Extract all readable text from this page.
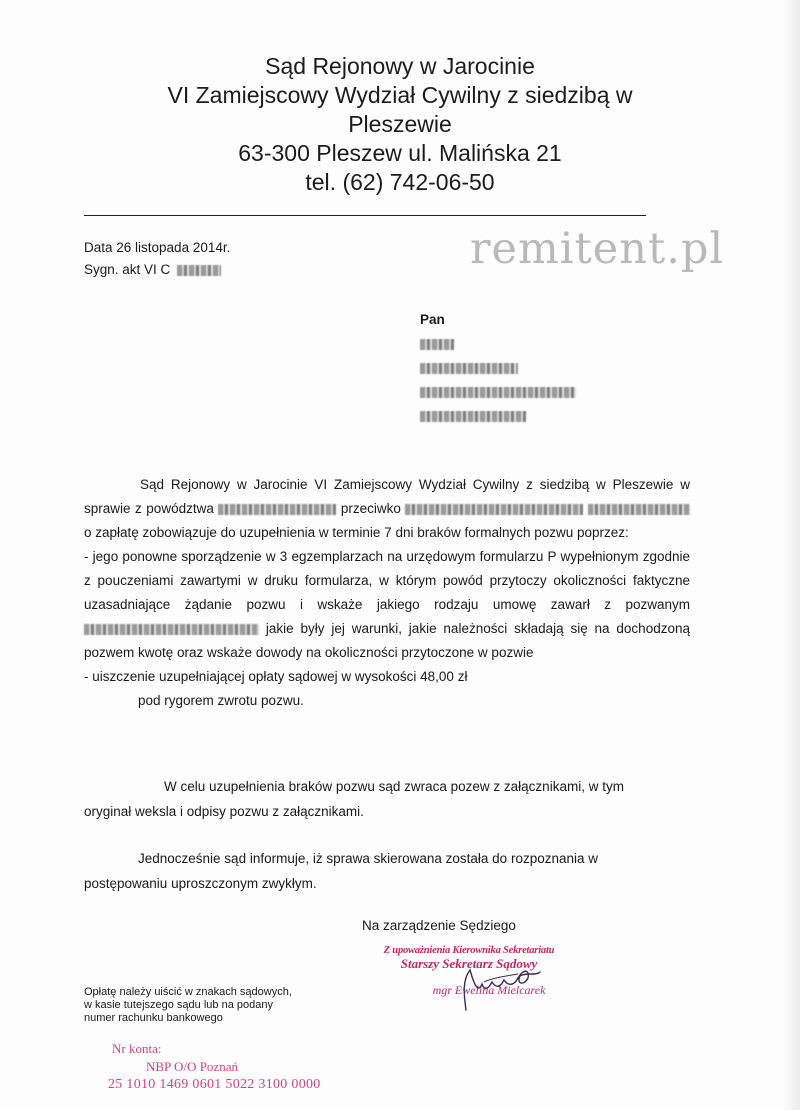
Sąd Rejonowy w Jarocinie
VI Zamiejscowy Wydział Cywilny z siedzibą w
Pleszewie
63-300 Pleszew ul. Malińska 21
tel. (62) 742-06-50
Data 26 listopada 2014r.
Sygn. akt VI C	remitent.pl
Pan
Sąd Rejonowy w Jarocinie VI Zamiejscowy Wydział Cywilny z siedzibą w Pleszewie w sprawie z powództwa	przeciwko   o zapłatę zobowiązuje do uzupełnienia w terminie 7 dni braków formalnych pozwu poprzez:
- jego ponowne sporządzenie w 3 egzemplarzach na urzędowym formularzu P wypełnionym zgodnie z pouczeniami zawartymi w druku formularza, w którym powód przytoczy okoliczności faktyczne uzasadniające żądanie pozwu i wskaże jakiego rodzaju umowę zawarł z pozwanym  jakie były jej warunki, jakie należności składają się na dochodzoną pozwem kwotę oraz wskaże dowody na okoliczności przytoczone w pozwie
- uiszczenie uzupełniającej opłaty sądowej w wysokości 48,00 zł
pod rygorem zwrotu pozwu.
W celu uzupełnienia braków pozwu sąd zwraca pozew z załącznikami, w tym
oryginał weksla i odpisy pozwu z załącznikami.
Jednocześnie sąd informuje, iż sprawa skierowana została do rozpoznania w
postępowaniu uproszczonym zwykłym.
Na zarządzenie Sędziego
Z upoważnienia Kierownika Sekretariatu
Starszy Sekretarz Sądowy
mgr Ewelina Mielcarek
Opłatę należy uiścić w znakach sądowych,
w kasie tutejszego sądu lub na podany
numer rachunku bankowego
Nr konta:
NBP O/O Poznań
25 1010 1469 0601 5022 3100 0000
